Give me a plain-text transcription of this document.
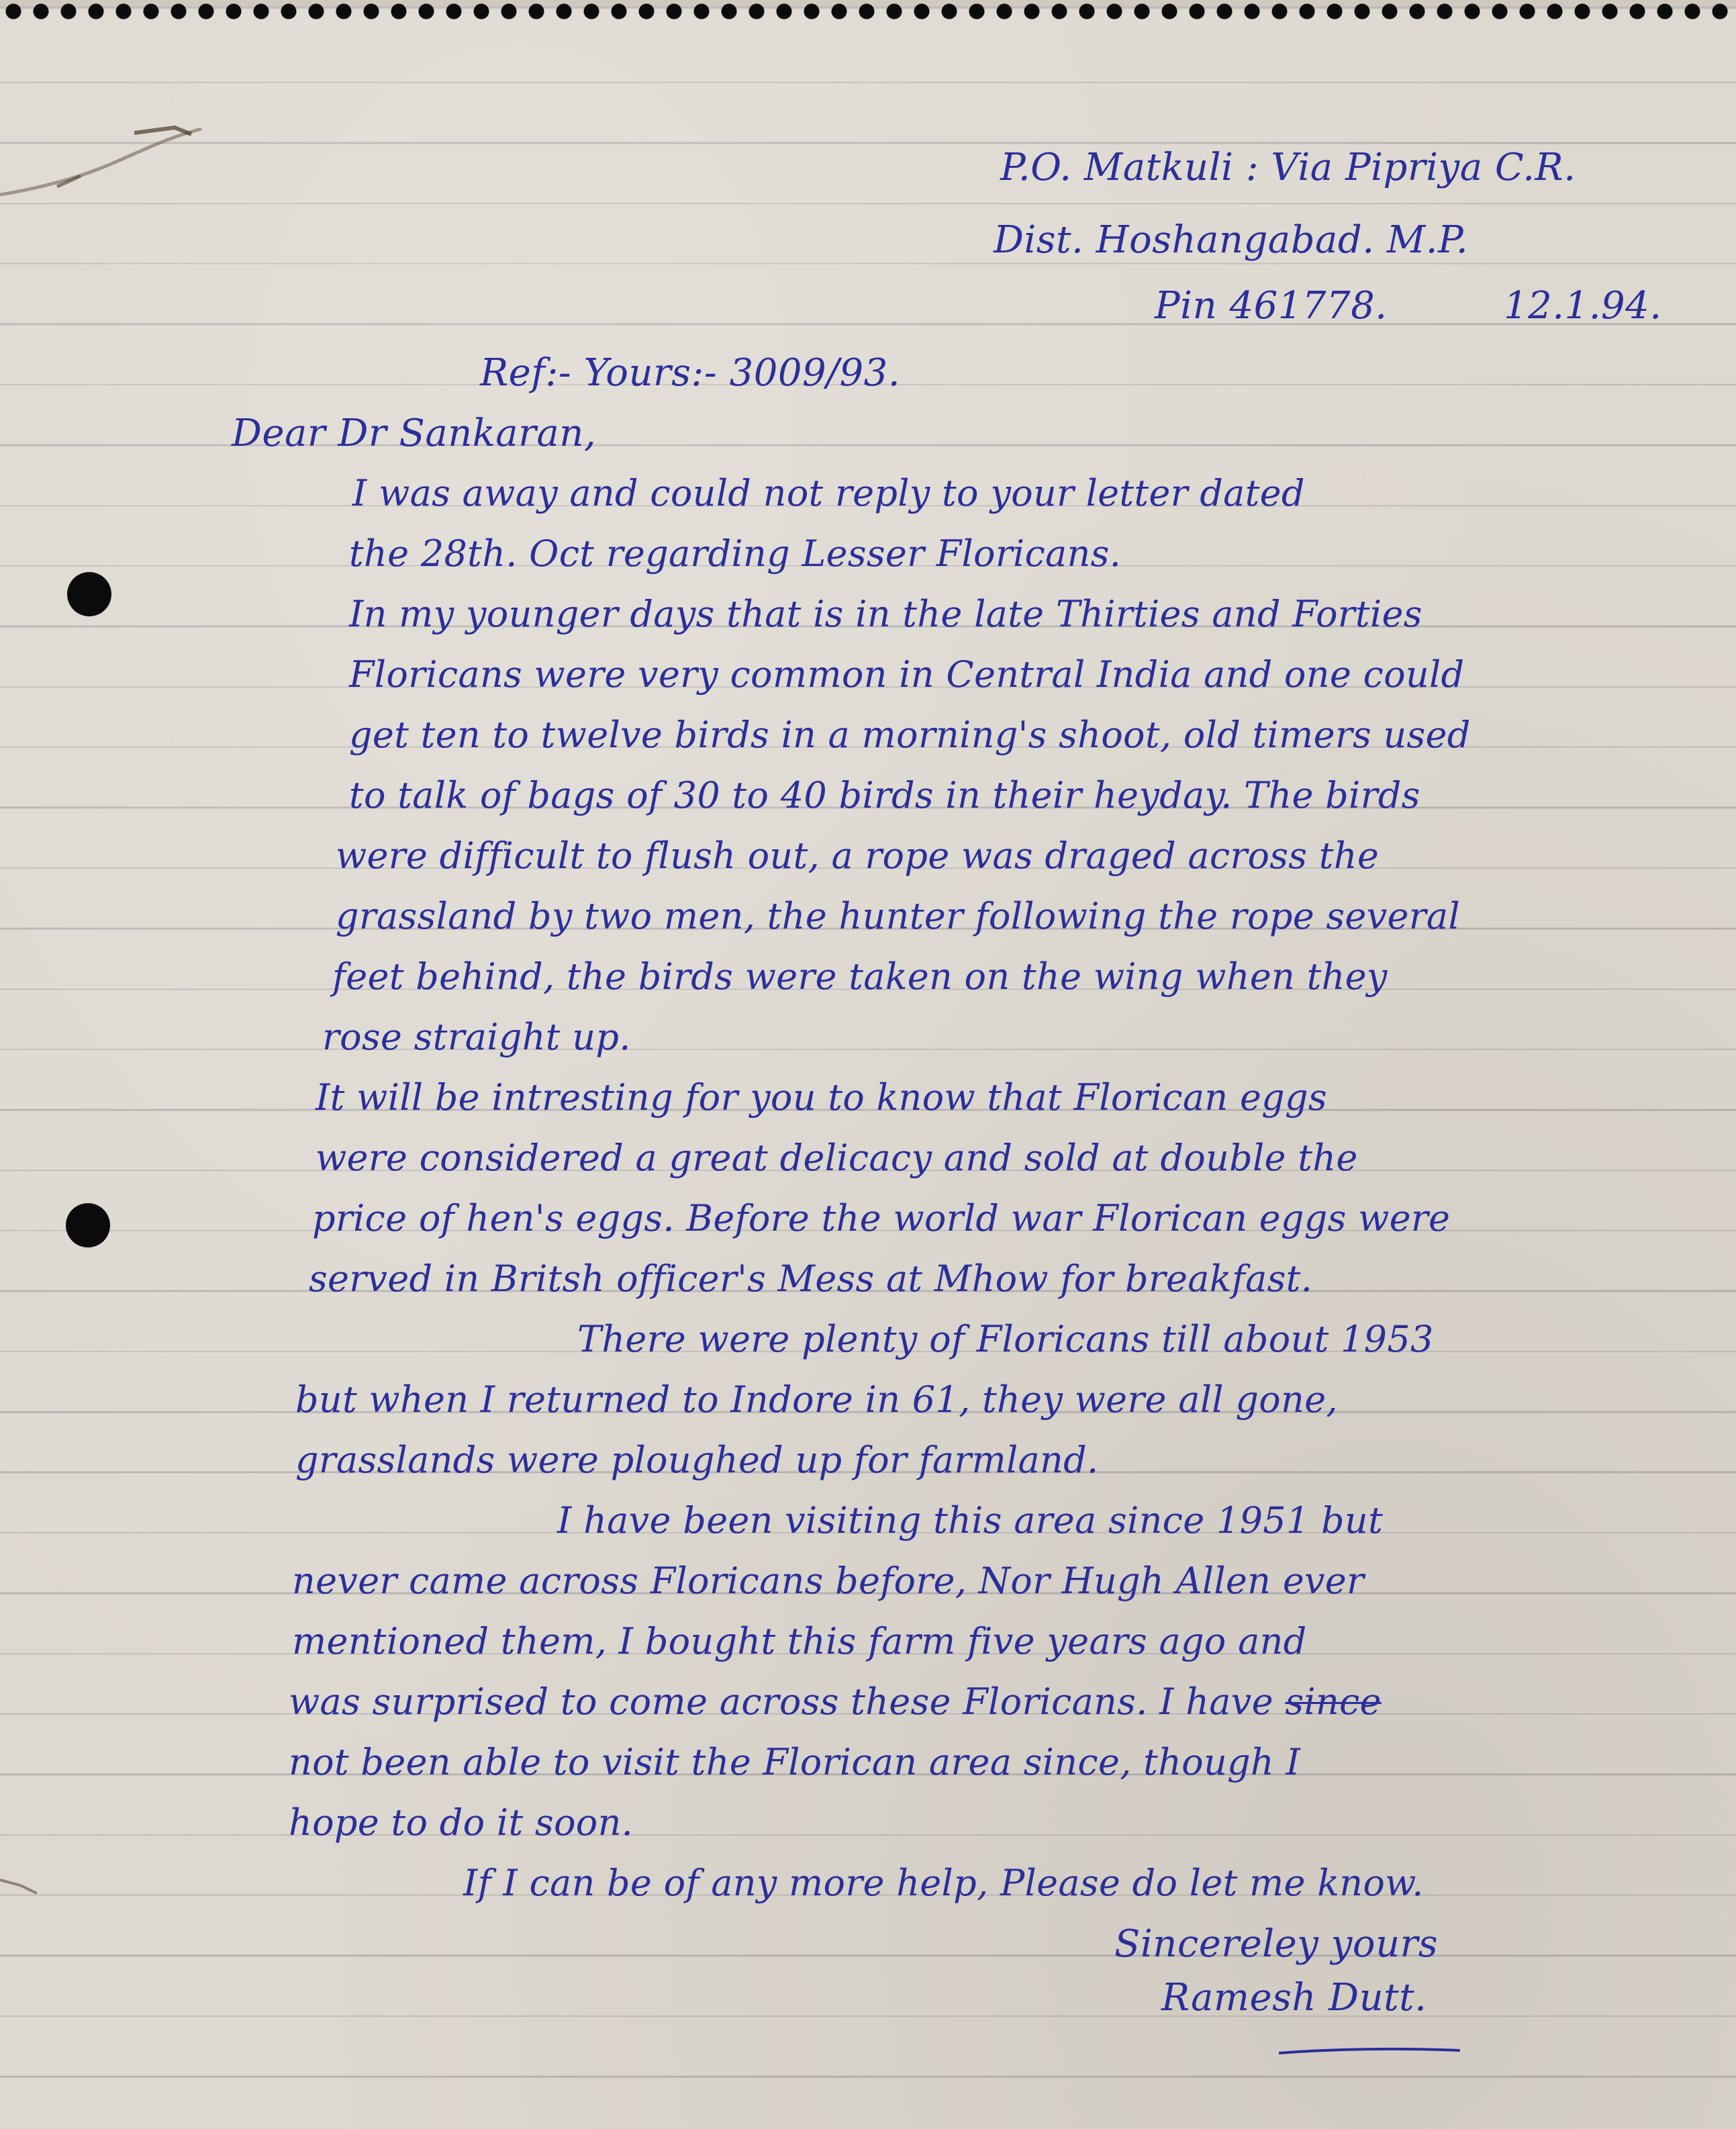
P.O. Matkuli : Via Pipriya C.R.

Dist. Hoshangabad. M.P.

Pin 461778.	12.1.94.

Ref:- Yours:- 3009/93.

Dear Dr Sankaran,

I was away and could not reply to your letter dated

the 28th. Oct regarding Lesser Floricans.

In my younger days that is in the late Thirties and Forties

Floricans were very common in Central India and one could

get ten to twelve birds in a morning's shoot, old timers used

to talk of bags of 30 to 40 birds in their heyday. The birds

were difficult to flush out, a rope was draged across the

grassland by two men, the hunter following the rope several

feet behind, the birds were taken on the wing when they

rose straight up.

It will be intresting for you to know that Florican eggs

were considered a great delicacy and sold at double the

price of hen's eggs. Before the world war Florican eggs were

served in Britsh officer's Mess at Mhow for breakfast.

There were plenty of Floricans till about 1953

but when I returned to Indore in 61, they were all gone,

grasslands were ploughed up for farmland.

I have been visiting this area since 1951 but

never came across Floricans before, Nor Hugh Allen ever

mentioned them, I bought this farm five years ago and

was surprised to come across these Floricans. I have since

not been able to visit the Florican area since, though I

hope to do it soon.

If I can be of any more help, Please do let me know.

Sincereley yours

Ramesh Dutt.
